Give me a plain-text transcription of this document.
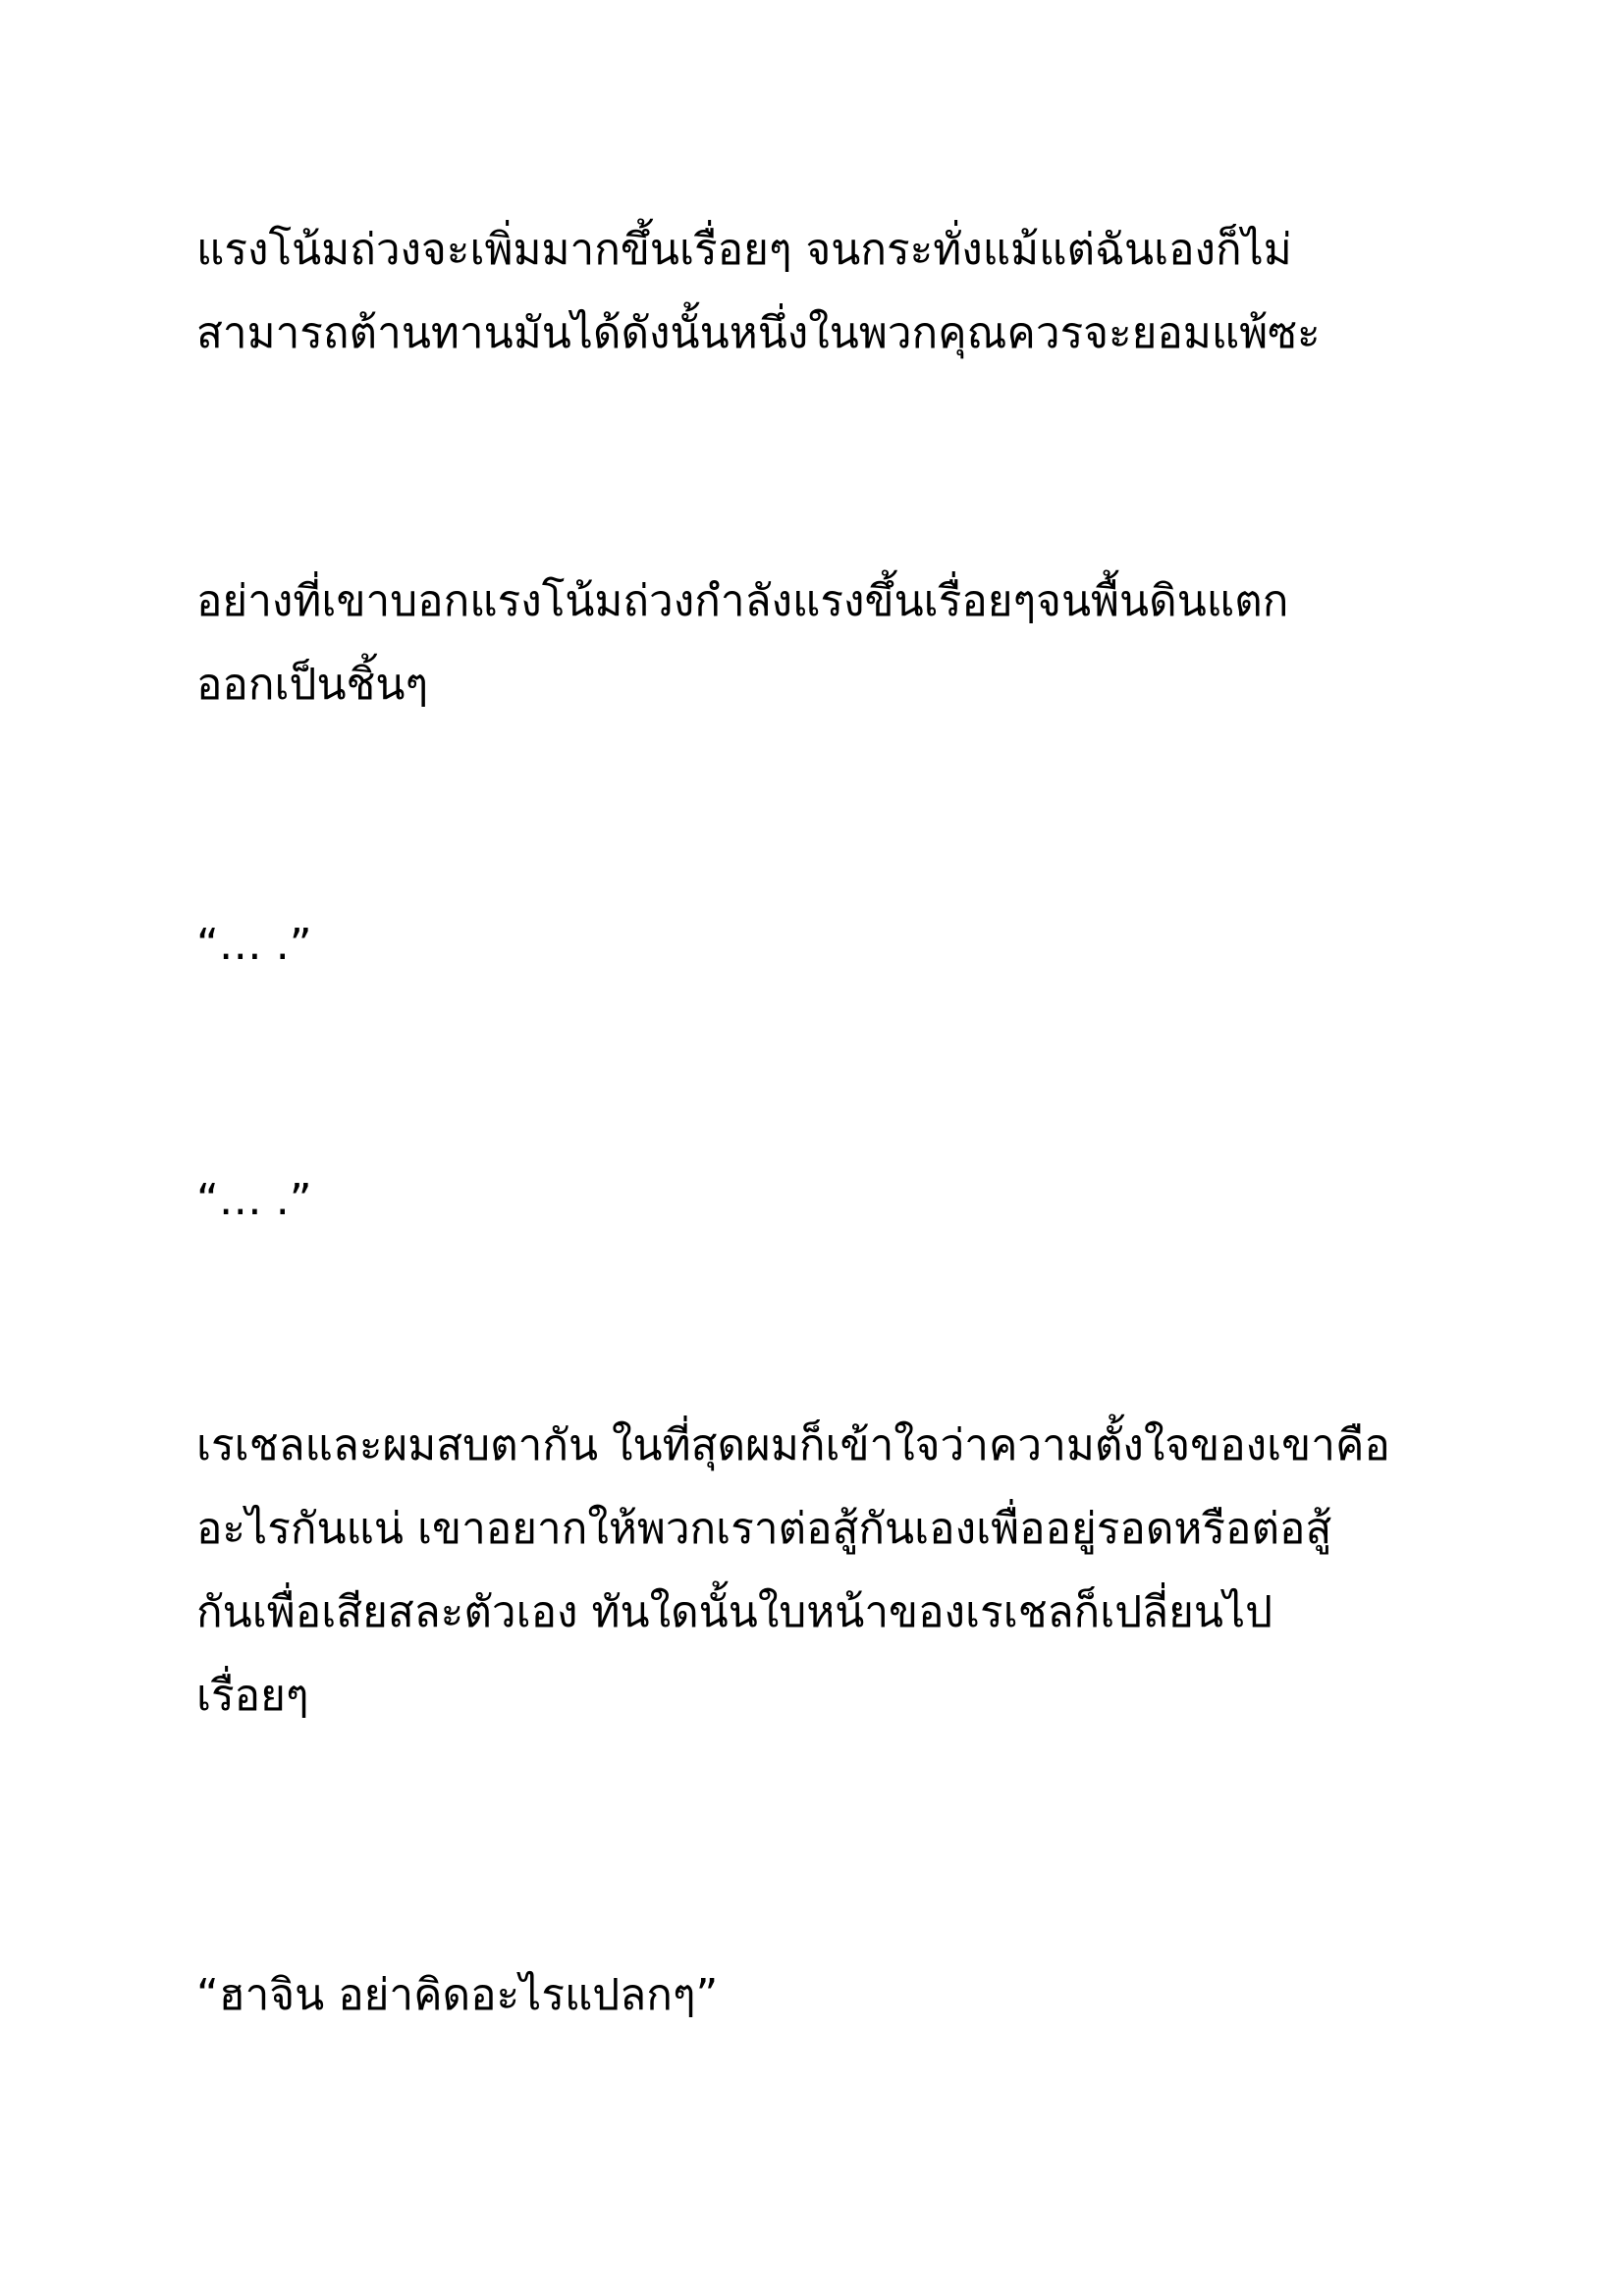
แรงโน้มถ่วงจะเพิ่มมากขึ้นเรื่อยๆ จนกระทั่งแม้แต่ฉันเองก็ไม่
สามารถต้านทานมันได้ดังนั้นหนึ่งในพวกคุณควรจะยอมแพ้ซะ

อย่างที่เขาบอกแรงโน้มถ่วงกำลังแรงขึ้นเรื่อยๆจนพื้นดินแตก
ออกเป็นชิ้นๆ

“… .”

“… .”

เรเชลและผมสบตากัน ในที่สุดผมก็เข้าใจว่าความตั้งใจของเขาคือ
อะไรกันแน่ เขาอยากให้พวกเราต่อสู้กันเองเพื่ออยู่รอดหรือต่อสู้
กันเพื่อเสียสละตัวเอง ทันใดนั้นใบหน้าของเรเชลก็เปลี่ยนไป
เรื่อยๆ

“ฮาจิน อย่าคิดอะไรแปลกๆ”
